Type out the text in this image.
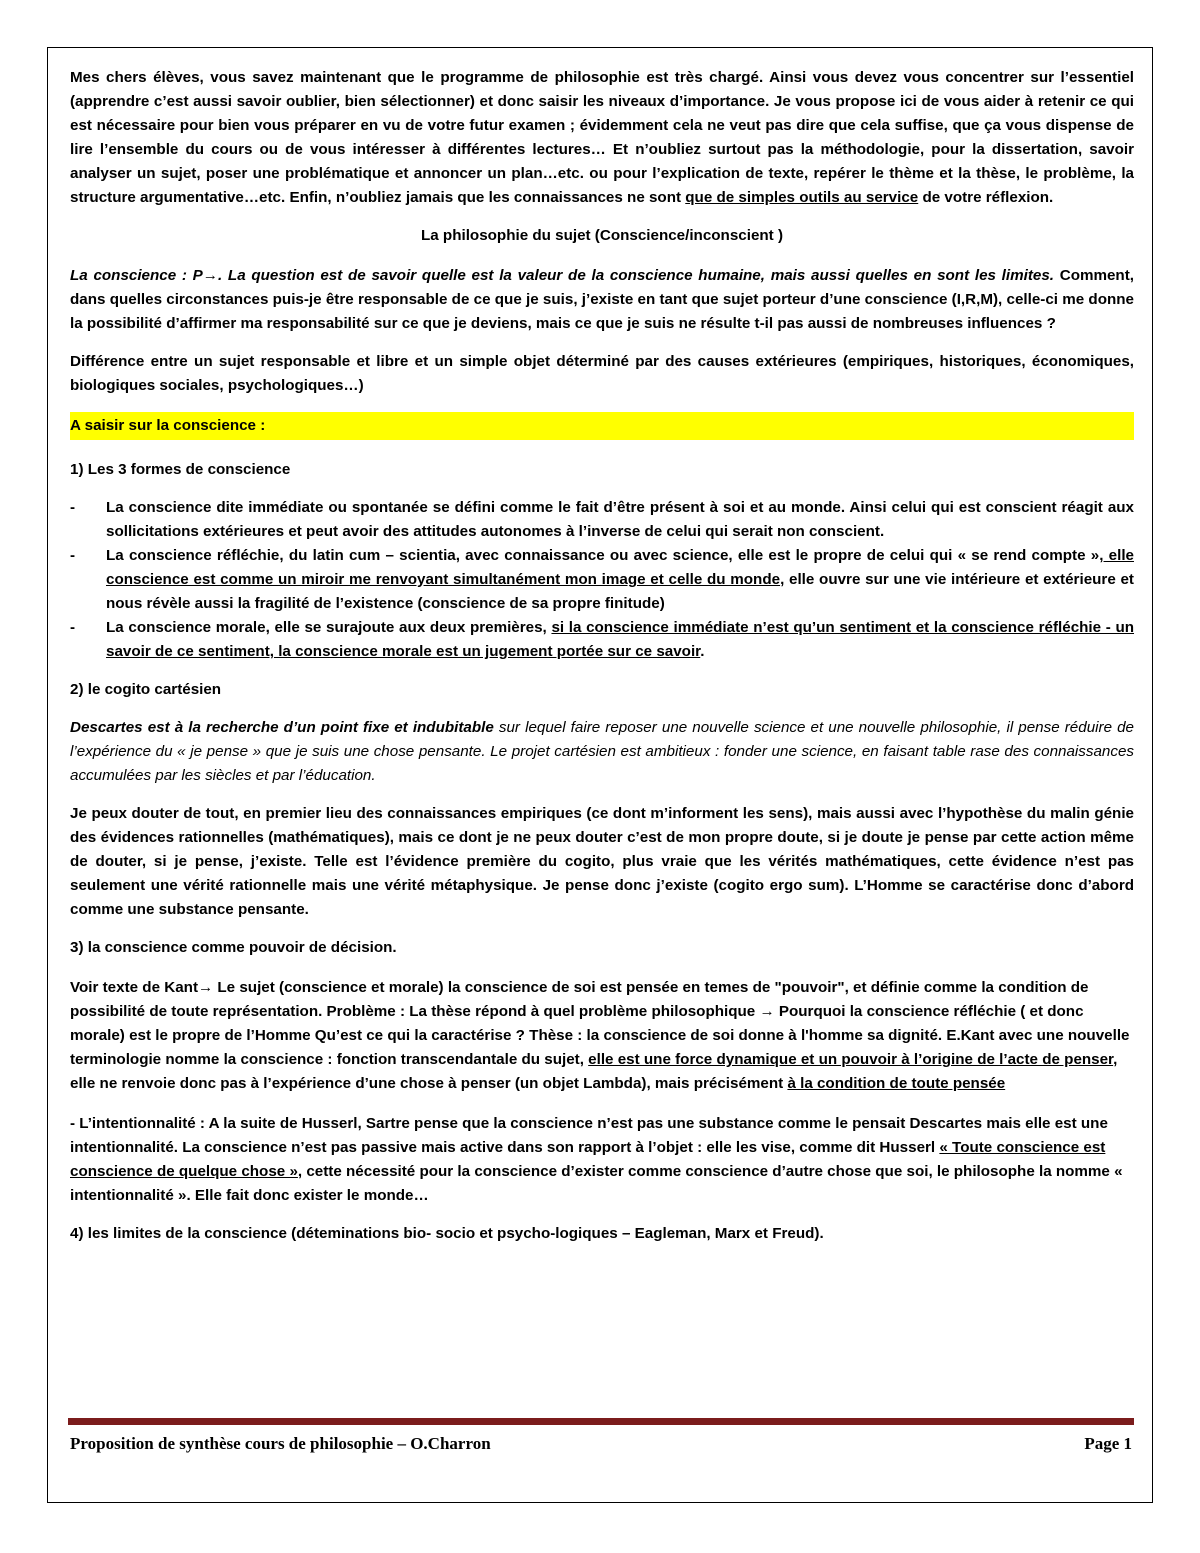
Mes chers élèves, vous savez maintenant que le programme de philosophie est très chargé. Ainsi vous devez vous concentrer sur l’essentiel (apprendre c’est aussi savoir oublier, bien sélectionner) et donc saisir les niveaux d’importance. Je vous propose ici de vous aider à retenir ce qui est nécessaire pour bien vous préparer en vu de votre futur examen ; évidemment cela ne veut pas dire que cela suffise, que ça vous dispense de lire l’ensemble du cours ou de vous intéresser à différentes lectures… Et n’oubliez surtout pas la méthodologie, pour la dissertation, savoir analyser un sujet, poser une problématique et annoncer un plan…etc. ou pour l’explication de texte, repérer le thème et la thèse, le problème, la structure argumentative…etc. Enfin, n’oubliez jamais que les connaissances ne sont que de simples outils au service de votre réflexion.

La philosophie du sujet (Conscience/inconscient )

La conscience : P→. La question est de savoir quelle est la valeur de la conscience humaine, mais aussi quelles en sont les limites. Comment, dans quelles circonstances puis-je être responsable de ce que je suis, j’existe en tant que sujet porteur d’une conscience (I,R,M), celle-ci me donne la possibilité d’affirmer ma responsabilité sur ce que je deviens, mais ce que je suis ne résulte t-il pas aussi de nombreuses influences ?

Différence entre un sujet responsable et libre et un simple objet déterminé par des causes extérieures (empiriques, historiques, économiques, biologiques sociales, psychologiques…)

A saisir sur la conscience :

1) Les 3 formes de conscience

- La conscience dite immédiate ou spontanée se défini comme le fait d’être présent à soi et au monde. Ainsi celui qui est conscient réagit aux sollicitations extérieures et peut avoir des attitudes autonomes à l’inverse de celui qui serait non conscient.
- La conscience réfléchie, du latin cum – scientia, avec connaissance ou avec science, elle est le propre de celui qui « se rend compte », elle conscience est comme un miroir me renvoyant simultanément mon image et celle du monde, elle ouvre sur une vie intérieure et extérieure et nous révèle aussi la fragilité de l’existence (conscience de sa propre finitude)
- La conscience morale, elle se surajoute aux deux premières, si la conscience immédiate n’est qu’un sentiment et la conscience réfléchie - un savoir de ce sentiment, la conscience morale est un jugement portée sur ce savoir.

2) le cogito cartésien

Descartes est à la recherche d’un point fixe et indubitable sur lequel faire reposer une nouvelle science et une nouvelle philosophie, il pense réduire de l’expérience du « je pense » que je suis une chose pensante. Le projet cartésien est ambitieux : fonder une science, en faisant table rase des connaissances accumulées par les siècles et par l’éducation.

Je peux douter de tout, en premier lieu des connaissances empiriques (ce dont m’informent les sens), mais aussi avec l’hypothèse du malin génie des évidences rationnelles (mathématiques), mais ce dont je ne peux douter c’est de mon propre doute, si je doute je pense par cette action même de douter, si je pense, j’existe. Telle est l’évidence première du cogito, plus vraie que les vérités mathématiques, cette évidence n’est pas seulement une vérité rationnelle mais une vérité métaphysique. Je pense donc j’existe (cogito ergo sum). L’Homme se caractérise donc d’abord comme une substance pensante.

3) la conscience comme pouvoir de décision.

Voir texte de Kant→ Le sujet (conscience et morale) la conscience de soi est pensée en temes de "pouvoir", et définie comme la condition de possibilité de toute représentation. Problème : La thèse répond à quel problème philosophique → Pourquoi la conscience réfléchie ( et donc morale) est le propre de l’Homme Qu’est ce qui la caractérise ? Thèse : la conscience de soi donne à l'homme sa dignité. E.Kant avec une nouvelle terminologie nomme la conscience : fonction transcendantale du sujet, elle est une force dynamique et un pouvoir à l’origine de l’acte de penser, elle ne renvoie donc pas à l’expérience d’une chose à penser (un objet Lambda), mais précisément à la condition de toute pensée

- L’intentionnalité : A la suite de Husserl, Sartre pense que la conscience n’est pas une substance comme le pensait Descartes mais elle est une intentionnalité. La conscience n’est pas passive mais active dans son rapport à l’objet : elle les vise, comme dit Husserl « Toute conscience est conscience de quelque chose », cette nécessité pour la conscience d’exister comme conscience d’autre chose que soi, le philosophe la nomme « intentionnalité ». Elle fait donc exister le monde…

4) les limites de la conscience (déteminations bio- socio et psycho-logiques – Eagleman, Marx et Freud).

Proposition de synthèse cours de philosophie – O.Charron	Page 1
